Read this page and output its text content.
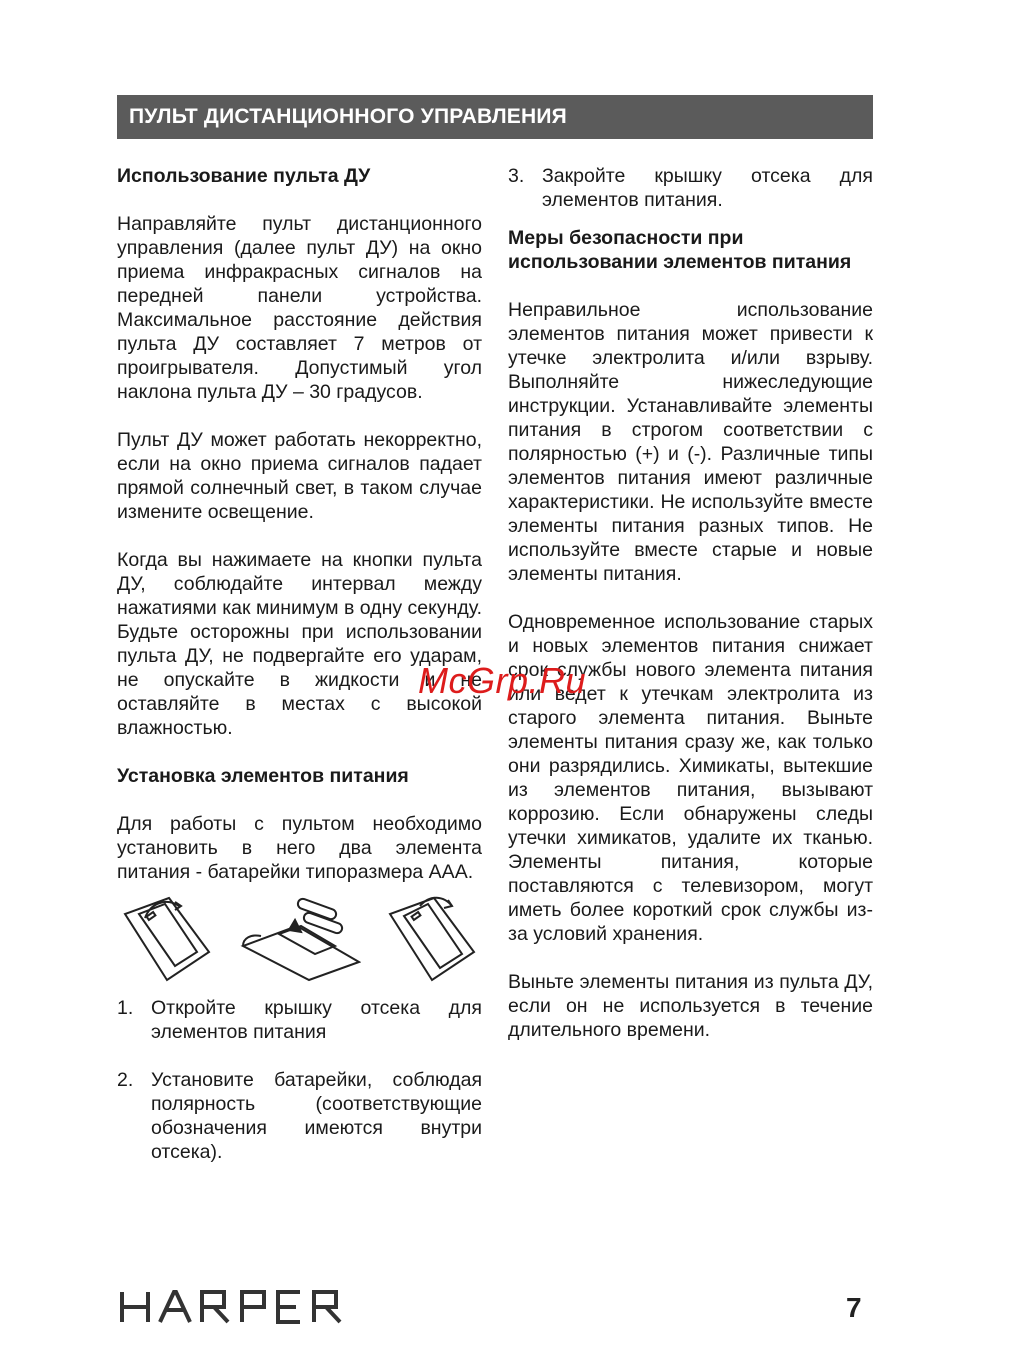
ПУЛЬТ ДИСТАНЦИОННОГО УПРАВЛЕНИЯ
Использование пульта ДУ

Направляйте пульт дистанционного управления (далее пульт ДУ) на окно приема инфракрасных сигналов на передней панели устройства. Максимальное расстояние действия пульта ДУ составляет 7 метров от проигрывателя. Допустимый угол наклона пульта ДУ – 30 градусов.

Пульт ДУ может работать некорректно, если на окно приема сигналов падает прямой солнечный свет, в таком случае измените освещение.

Когда вы нажимаете на кнопки пульта ДУ, соблюдайте интервал между нажатиями как минимум в одну секунду. Будьте осторожны при использовании пульта ДУ, не подвергайте его ударам, не опускайте в жидкости и не оставляйте в местах с высокой влажностью.

Установка элементов питания

Для работы с пультом необходимо установить в него два элемента питания - батарейки типоразмера AAA.

1. Откройте крышку отсека для элементов питания
2. Установите батарейки, соблюдая полярность (соответствующие обозначения имеются внутри отсека).
3. Закройте крышку отсека для элементов питания.
Меры безопасности при использовании элементов питания

Неправильное использование элементов питания может привести к утечке электролита и/или взрыву. Выполняйте нижеследующие инструкции. Устанавливайте элементы питания в строгом соответствии с полярностью (+) и (-). Различные типы элементов питания имеют различные характеристики. Не используйте вместе элементы питания разных типов. Не используйте вместе старые и новые элементы питания.

Одновременное использование старых и новых элементов питания снижает срок службы нового элемента питания или ведет к утечкам электролита из старого элемента питания. Выньте элементы питания сразу же, как только они разрядились. Химикаты, вытекшие из элементов питания, вызывают коррозию. Если обнаружены следы утечки химикатов, удалите их тканью. Элементы питания, которые поставляются с телевизором, могут иметь более короткий срок службы из-за условий хранения.

Выньте элементы питания из пульта ДУ, если он не используется в течение длительного времени.

McGrp.Ru
7
